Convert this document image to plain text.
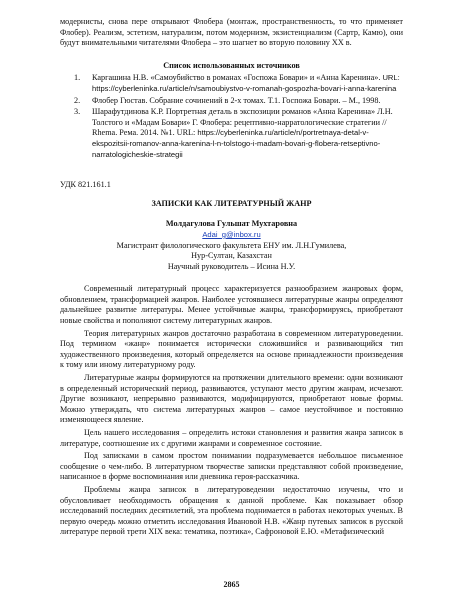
модернисты, снова пере открывают Флобера (монтаж, пространственность, то что применяет Флобер). Реализм, эстетизм, натурализм, потом модернизм, экзистенциализм (Сартр, Камю), они будут внимательными читателями Флобера – это шагнет во вторую половину XX в.

Список использованных источников

1. Каргашина Н.В. «Самоубийство в романах «Госпожа Бовари» и «Анна Каренина». URL: https://cyberleninka.ru/article/n/samoubiystvo-v-romanah-gospozha-bovari-i-anna-karenina
2. Флобер Гюстав. Собрание сочинений в 2-х томах. Т.1. Госпожа Бовари. – М., 1998.
3. Шарафутдинова К.Р. Портретная деталь в экспозиции романов «Анна Каренина» Л.Н. Толстого и «Мадам Бовари» Г. Флобера: рецептивно-нарратологические стратегии // Rhema. Рема. 2014. №1. URL: https://cyberleninka.ru/article/n/portretnaya-detal-v-ekspozitsii-romanov-anna-karenina-l-n-tolstogo-i-madam-bovari-g-flobera-retseptivno-narratologicheskie-strategii

УДК 821.161.1

ЗАПИСКИ КАК ЛИТЕРАТУРНЫЙ ЖАНР

Молдагулова Гульшат Мухтаровна

Adai_g@inbox.ru

Магистрант филологического факультета ЕНУ им. Л.Н.Гумилева,

Нур-Султан, Казахстан

Научный руководитель – Исина Н.У.

Современный литературный процесс характеризуется разнообразием жанровых форм, обновлением, трансформацией жанров. Наиболее устоявшиеся литературные жанры определяют дальнейшее развитие литературы. Менее устойчивые жанры, трансформируясь, приобретают новые свойства и пополняют систему литературных жанров.

Теория литературных жанров достаточно разработана в современном литературоведении. Под термином «жанр» понимается исторически сложившийся и развивающийся тип художественного произведения, который определяется на основе принадлежности произведения к тому или иному литературному роду.

Литературные жанры формируются на протяжении длительного времени: одни возникают в определенный исторический период, развиваются, уступают место другим жанрам, исчезают. Другие возникают, непрерывно развиваются, модифицируются, приобретают новые формы. Можно утверждать, что система литературных жанров – самое неустойчивое и постоянно изменяющееся явление.

Цель нашего исследования – определить истоки становления и развития жанра записок в литературе, соотношение их с другими жанрами и современное состояние.

Под записками в самом простом понимании подразумевается небольшое письменное сообщение о чем-либо. В литературном творчестве записки представляют собой произведение, написанное в форме воспоминания или дневника героя-рассказчика.

Проблемы жанра записок в литературоведении недостаточно изучены, что и обусловливает необходимость обращения к данной проблеме. Как показывает обзор исследований последних десятилетий, эта проблема поднимается в работах некоторых ученых. В первую очередь можно отметить исследования Ивановой Н.В. «Жанр путевых записок в русской литературе первой трети XIX века: тематика, поэтика», Сафроновой Е.Ю. «Метафизический

2865
